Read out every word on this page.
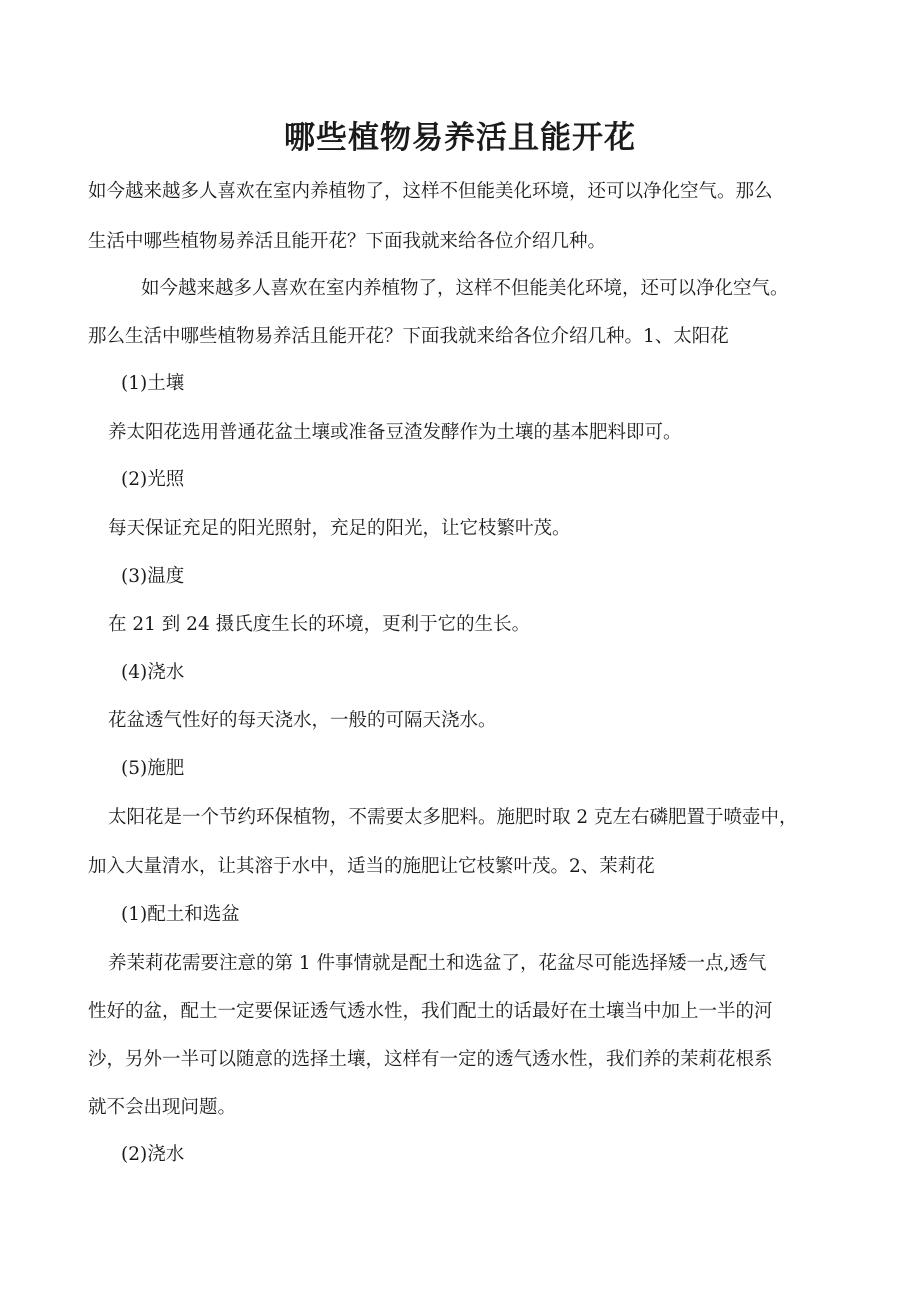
哪些植物易养活且能开花
如今越来越多人喜欢在室内养植物了，这样不但能美化环境，还可以净化空气。那么
生活中哪些植物易养活且能开花？下面我就来给各位介绍几种。
如今越来越多人喜欢在室内养植物了，这样不但能美化环境，还可以净化空气。
那么生活中哪些植物易养活且能开花？下面我就来给各位介绍几种。1、太阳花
(1)土壤
养太阳花选用普通花盆土壤或准备豆渣发酵作为土壤的基本肥料即可。
(2)光照
每天保证充足的阳光照射，充足的阳光，让它枝繁叶茂。
(3)温度
在 21 到 24 摄氏度生长的环境，更利于它的生长。
(4)浇水
花盆透气性好的每天浇水，一般的可隔天浇水。
(5)施肥
太阳花是一个节约环保植物，不需要太多肥料。施肥时取 2 克左右磷肥置于喷壶中，
加入大量清水，让其溶于水中，适当的施肥让它枝繁叶茂。2、茉莉花
(1)配土和选盆
养茉莉花需要注意的第 1 件事情就是配土和选盆了，花盆尽可能选择矮一点,透气
性好的盆，配土一定要保证透气透水性，我们配土的话最好在土壤当中加上一半的河
沙，另外一半可以随意的选择土壤，这样有一定的透气透水性，我们养的茉莉花根系
就不会出现问题。
(2)浇水
